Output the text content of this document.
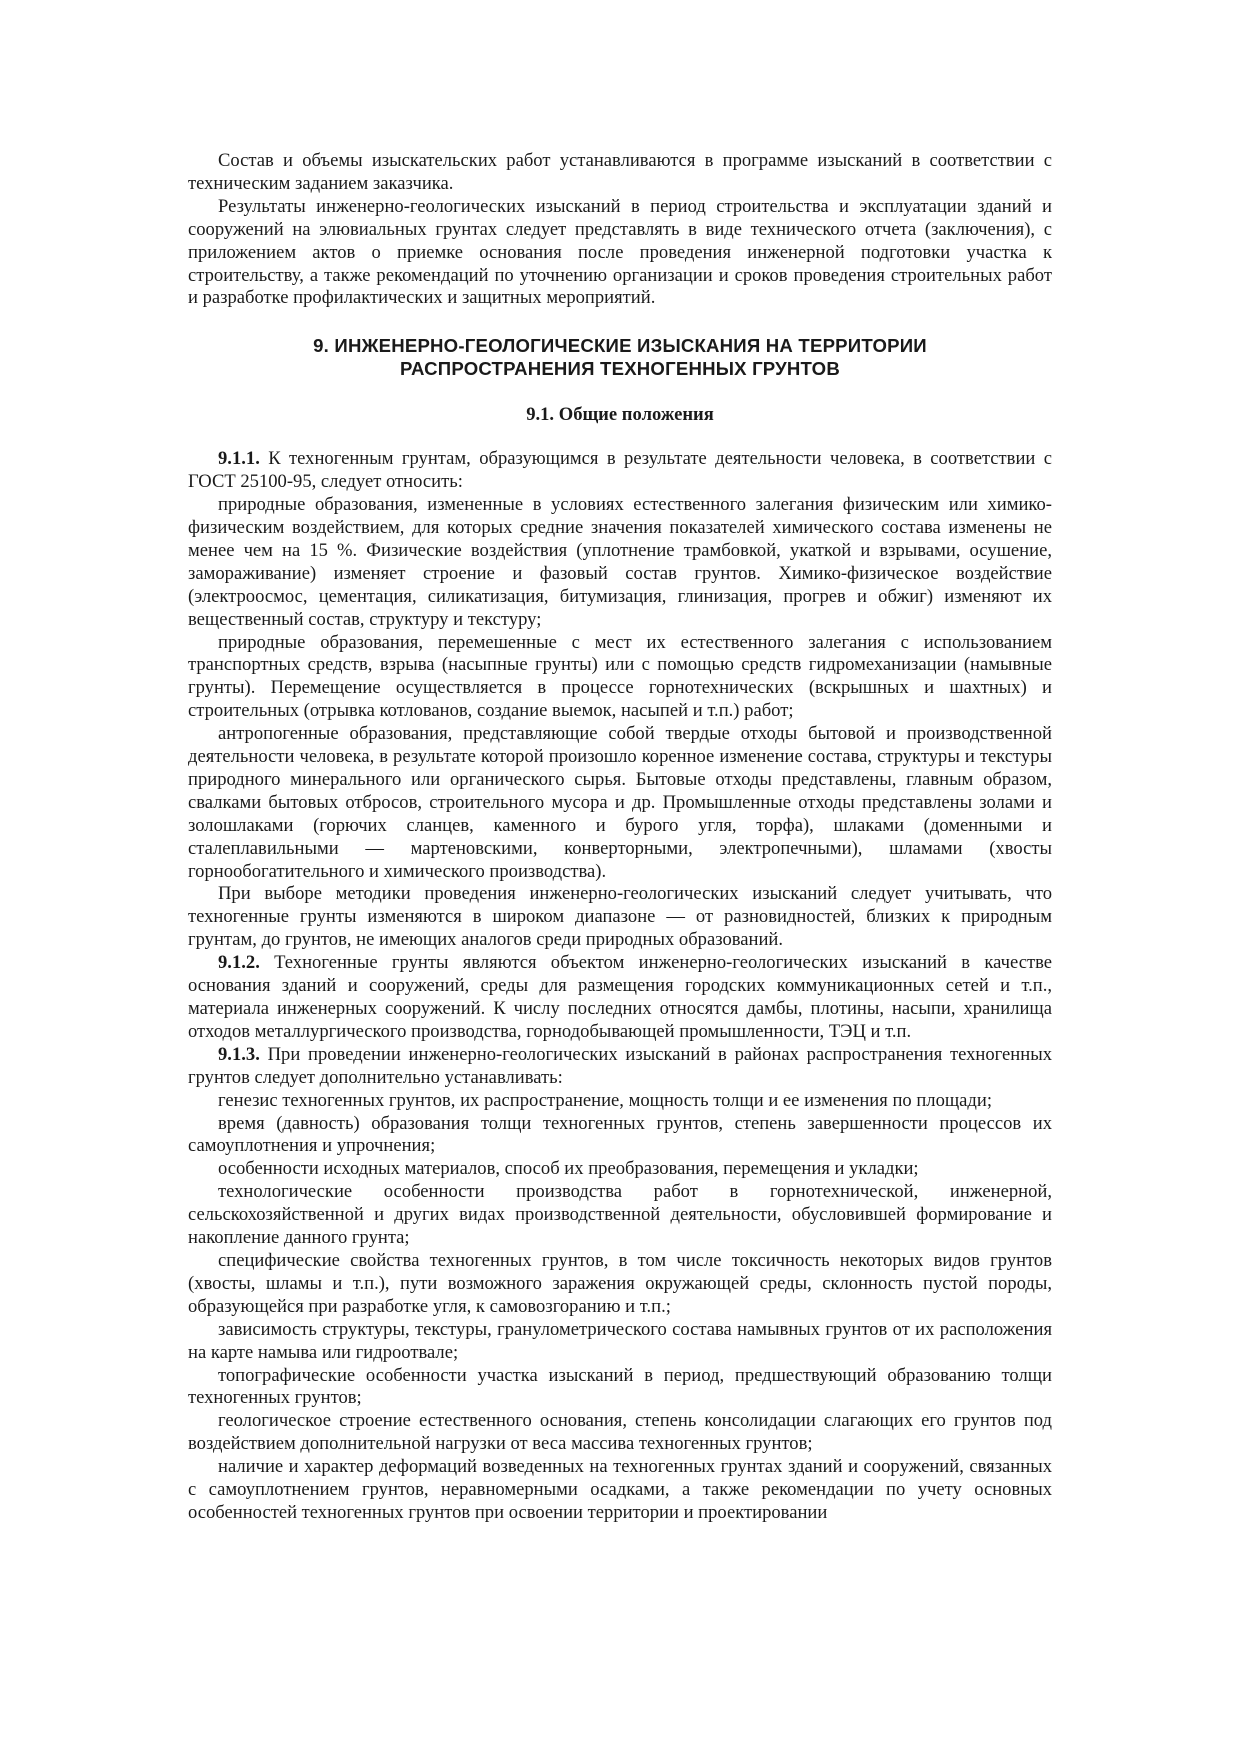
Состав и объемы изыскательских работ устанавливаются в программе изысканий в соответствии с техническим заданием заказчика.

Результаты инженерно-геологических изысканий в период строительства и эксплуатации зданий и сооружений на элювиальных грунтах следует представлять в виде технического отчета (заключения), с приложением актов о приемке основания после проведения инженерной подготовки участка к строительству, а также рекомендаций по уточнению организации и сроков проведения строительных работ и разработке профилактических и защитных мероприятий.

9. ИНЖЕНЕРНО-ГЕОЛОГИЧЕСКИЕ ИЗЫСКАНИЯ НА ТЕРРИТОРИИ
РАСПРОСТРАНЕНИЯ ТЕХНОГЕННЫХ ГРУНТОВ
9.1. Общие положения

9.1.1. К техногенным грунтам, образующимся в результате деятельности человека, в соответствии с ГОСТ 25100-95, следует относить:

природные образования, измененные в условиях естественного залегания физическим или химико-физическим воздействием, для которых средние значения показателей химического состава изменены не менее чем на 15 %. Физические воздействия (уплотнение трамбовкой, укаткой и взрывами, осушение, замораживание) изменяет строение и фазовый состав грунтов. Химико-физическое воздействие (электроосмос, цементация, силикатизация, битумизация, глинизация, прогрев и обжиг) изменяют их вещественный состав, структуру и текстуру;

природные образования, перемешенные с мест их естественного залегания с использованием транспортных средств, взрыва (насыпные грунты) или с помощью средств гидромеханизации (намывные грунты). Перемещение осуществляется в процессе горнотехнических (вскрышных и шахтных) и строительных (отрывка котлованов, создание выемок, насыпей и т.п.) работ;

антропогенные образования, представляющие собой твердые отходы бытовой и производственной деятельности человека, в результате которой произошло коренное изменение состава, структуры и текстуры природного минерального или органического сырья. Бытовые отходы представлены, главным образом, свалками бытовых отбросов, строительного мусора и др. Промышленные отходы представлены золами и золошлаками (горючих сланцев, каменного и бурого угля, торфа), шлаками (доменными и сталеплавильными — мартеновскими, конверторными, электропечными), шламами (хвосты горнообогатительного и химического производства).

При выборе методики проведения инженерно-геологических изысканий следует учитывать, что техногенные грунты изменяются в широком диапазоне — от разновидностей, близких к природным грунтам, до грунтов, не имеющих аналогов среди природных образований.

9.1.2. Техногенные грунты являются объектом инженерно-геологических изысканий в качестве основания зданий и сооружений, среды для размещения городских коммуникационных сетей и т.п., материала инженерных сооружений. К числу последних относятся дамбы, плотины, насыпи, хранилища отходов металлургического производства, горнодобывающей промышленности, ТЭЦ и т.п.

9.1.3. При проведении инженерно-геологических изысканий в районах распространения техногенных грунтов следует дополнительно устанавливать:

генезис техногенных грунтов, их распространение, мощность толщи и ее изменения по площади;

время (давность) образования толщи техногенных грунтов, степень завершенности процессов их самоуплотнения и упрочнения;

особенности исходных материалов, способ их преобразования, перемещения и укладки;

технологические особенности производства работ в горнотехнической, инженерной, сельскохозяйственной и других видах производственной деятельности, обусловившей формирование и накопление данного грунта;

специфические свойства техногенных грунтов, в том числе токсичность некоторых видов грунтов (хвосты, шламы и т.п.), пути возможного заражения окружающей среды, склонность пустой породы, образующейся при разработке угля, к самовозгоранию и т.п.;

зависимость структуры, текстуры, гранулометрического состава намывных грунтов от их расположения на карте намыва или гидроотвале;

топографические особенности участка изысканий в период, предшествующий образованию толщи техногенных грунтов;

геологическое строение естественного основания, степень консолидации слагающих его грунтов под воздействием дополнительной нагрузки от веса массива техногенных грунтов;

наличие и характер деформаций возведенных на техногенных грунтах зданий и сооружений, связанных с самоуплотнением грунтов, неравномерными осадками, а также рекомендации по учету основных особенностей техногенных грунтов при освоении территории и проектировании
